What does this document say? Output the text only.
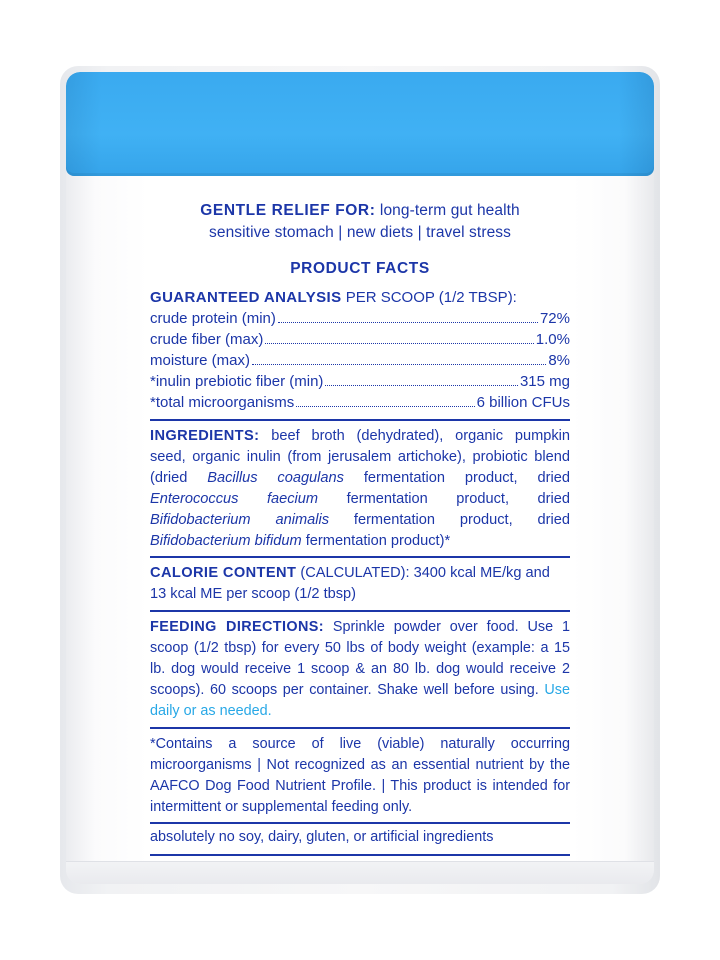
GENTLE RELIEF FOR: long-term gut health
sensitive stomach | new diets | travel stress
PRODUCT FACTS
GUARANTEED ANALYSIS PER SCOOP (1/2 TBSP):
crude protein (min)	72%
crude fiber (max)	1.0%
moisture (max)	8%
*inulin prebiotic fiber (min)	315 mg
*total microorganisms	6 billion CFUs
INGREDIENTS: beef broth (dehydrated), organic pumpkin seed, organic inulin (from jerusalem artichoke), probiotic blend (dried Bacillus coagulans fermentation product, dried Enterococcus faecium fermentation product, dried Bifidobacterium animalis fermentation product, dried Bifidobacterium bifidum fermentation product)*
CALORIE CONTENT (CALCULATED): 3400 kcal ME/kg and 13 kcal ME per scoop (1/2 tbsp)
FEEDING DIRECTIONS: Sprinkle powder over food. Use 1 scoop (1/2 tbsp) for every 50 lbs of body weight (example: a 15 lb. dog would receive 1 scoop & an 80 lb. dog would receive 2 scoops). 60 scoops per container. Shake well before using. Use daily or as needed.
*Contains a source of live (viable) naturally occurring microorganisms | Not recognized as an essential nutrient by the AAFCO Dog Food Nutrient Profile. | This product is intended for intermittent or supplemental feeding only.
absolutely no soy, dairy, gluten, or artificial ingredients
